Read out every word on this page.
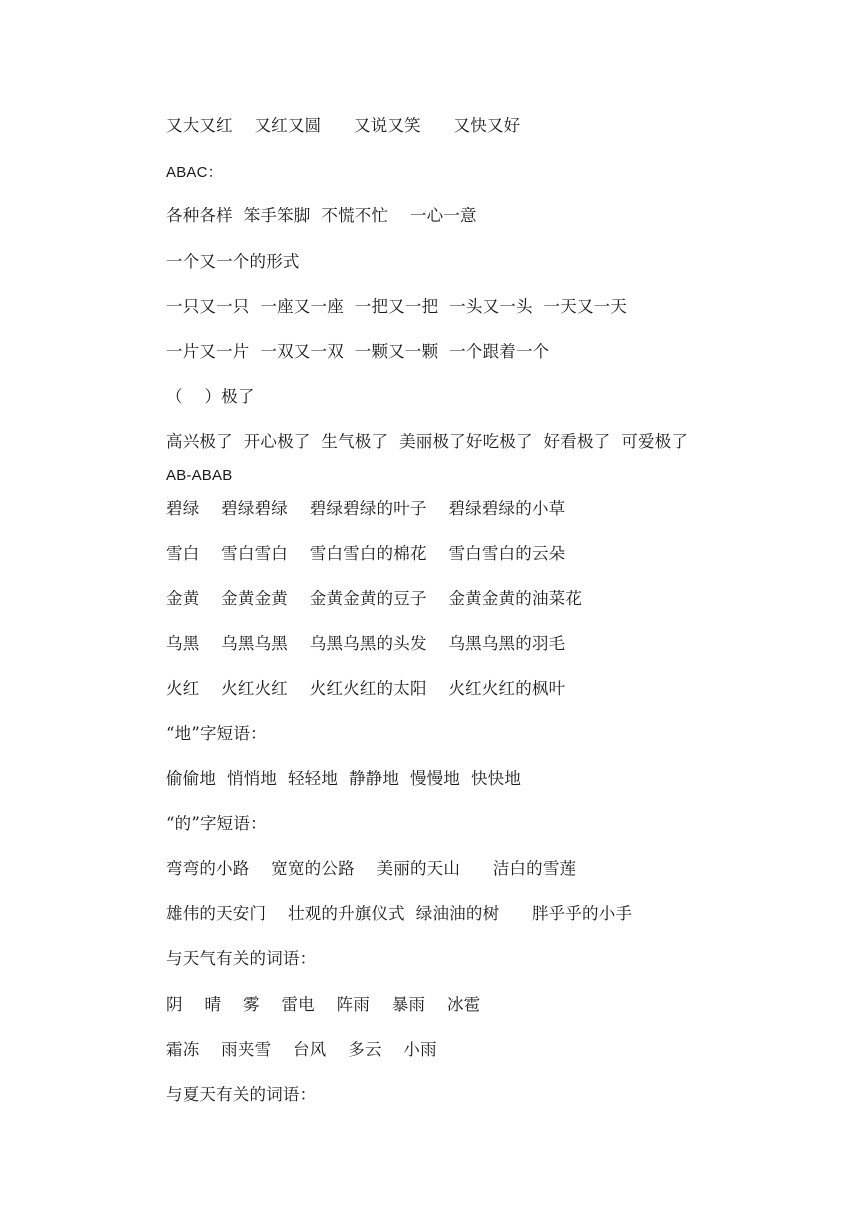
又大又红    又红又圆      又说又笑      又快又好
ABAC：
各种各样  笨手笨脚  不慌不忙    一心一意
一个又一个的形式
一只又一只  一座又一座  一把又一把  一头又一头  一天又一天
一片又一片  一双又一双  一颗又一颗  一个跟着一个
（    ）极了
高兴极了  开心极了  生气极了  美丽极了好吃极了  好看极了  可爱极了
AB-ABAB
碧绿    碧绿碧绿    碧绿碧绿的叶子    碧绿碧绿的小草
雪白    雪白雪白    雪白雪白的棉花    雪白雪白的云朵
金黄    金黄金黄    金黄金黄的豆子    金黄金黄的油菜花
乌黑    乌黑乌黑    乌黑乌黑的头发    乌黑乌黑的羽毛
火红    火红火红    火红火红的太阳    火红火红的枫叶
“地”字短语：
偷偷地  悄悄地  轻轻地  静静地  慢慢地  快快地
“的”字短语：
弯弯的小路    宽宽的公路    美丽的天山      洁白的雪莲
雄伟的天安门    壮观的升旗仪式  绿油油的树      胖乎乎的小手
与天气有关的词语：
阴    晴    雾    雷电    阵雨    暴雨    冰雹
霜冻    雨夹雪    台风    多云    小雨
与夏天有关的词语：
